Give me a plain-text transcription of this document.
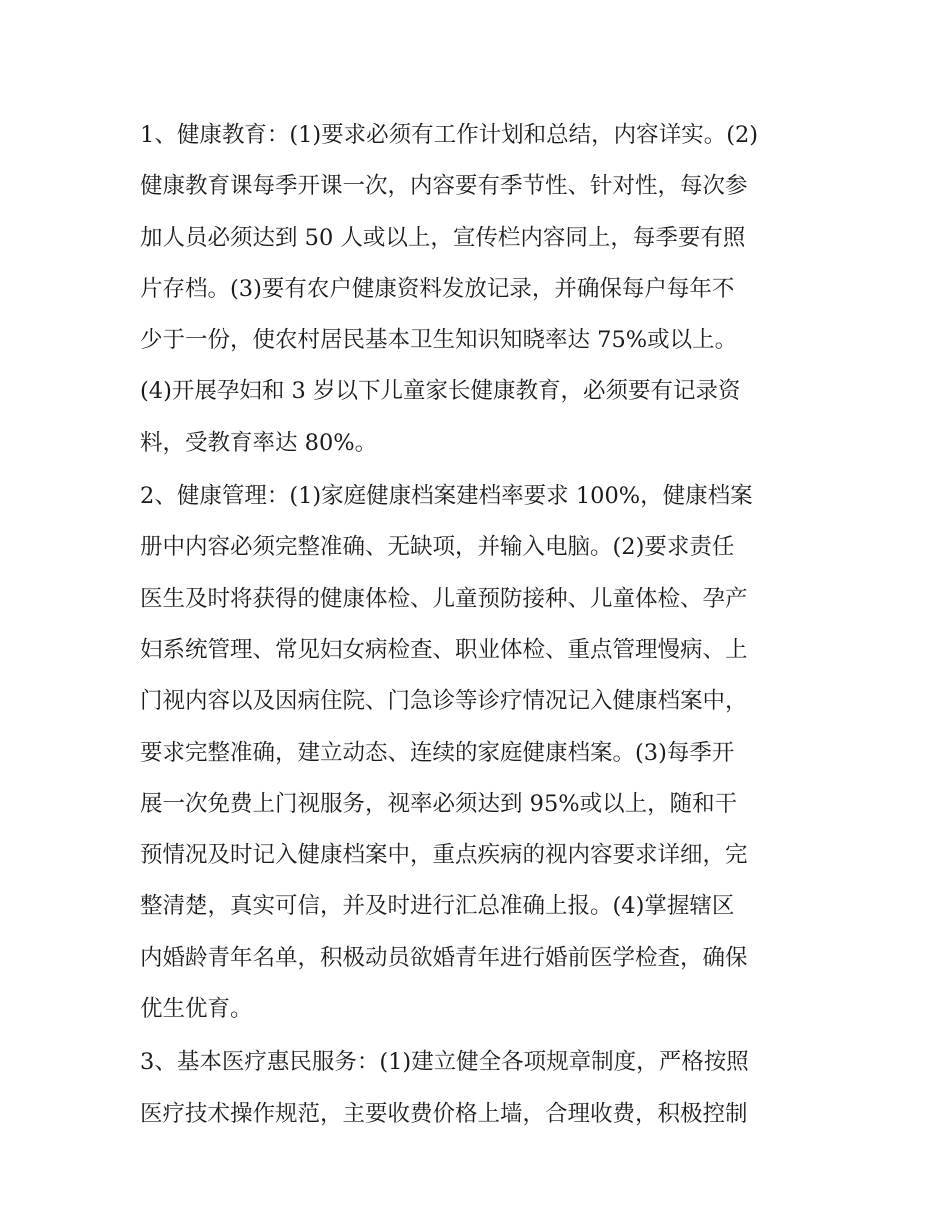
1、健康教育：(1)要求必须有工作计划和总结，内容详实。(2)
健康教育课每季开课一次，内容要有季节性、针对性，每次参
加人员必须达到 50 人或以上，宣传栏内容同上，每季要有照
片存档。(3)要有农户健康资料发放记录，并确保每户每年不
少于一份，使农村居民基本卫生知识知晓率达 75%或以上。
(4)开展孕妇和 3 岁以下儿童家长健康教育，必须要有记录资
料，受教育率达 80%。
2、健康管理：(1)家庭健康档案建档率要求 100%，健康档案
册中内容必须完整准确、无缺项，并输入电脑。(2)要求责任
医生及时将获得的健康体检、儿童预防接种、儿童体检、孕产
妇系统管理、常见妇女病检查、职业体检、重点管理慢病、上
门视内容以及因病住院、门急诊等诊疗情况记入健康档案中，
要求完整准确，建立动态、连续的家庭健康档案。(3)每季开
展一次免费上门视服务，视率必须达到 95%或以上，随和干
预情况及时记入健康档案中，重点疾病的视内容要求详细，完
整清楚，真实可信，并及时进行汇总准确上报。(4)掌握辖区
内婚龄青年名单，积极动员欲婚青年进行婚前医学检查，确保
优生优育。
3、基本医疗惠民服务：(1)建立健全各项规章制度，严格按照
医疗技术操作规范，主要收费价格上墙，合理收费，积极控制
